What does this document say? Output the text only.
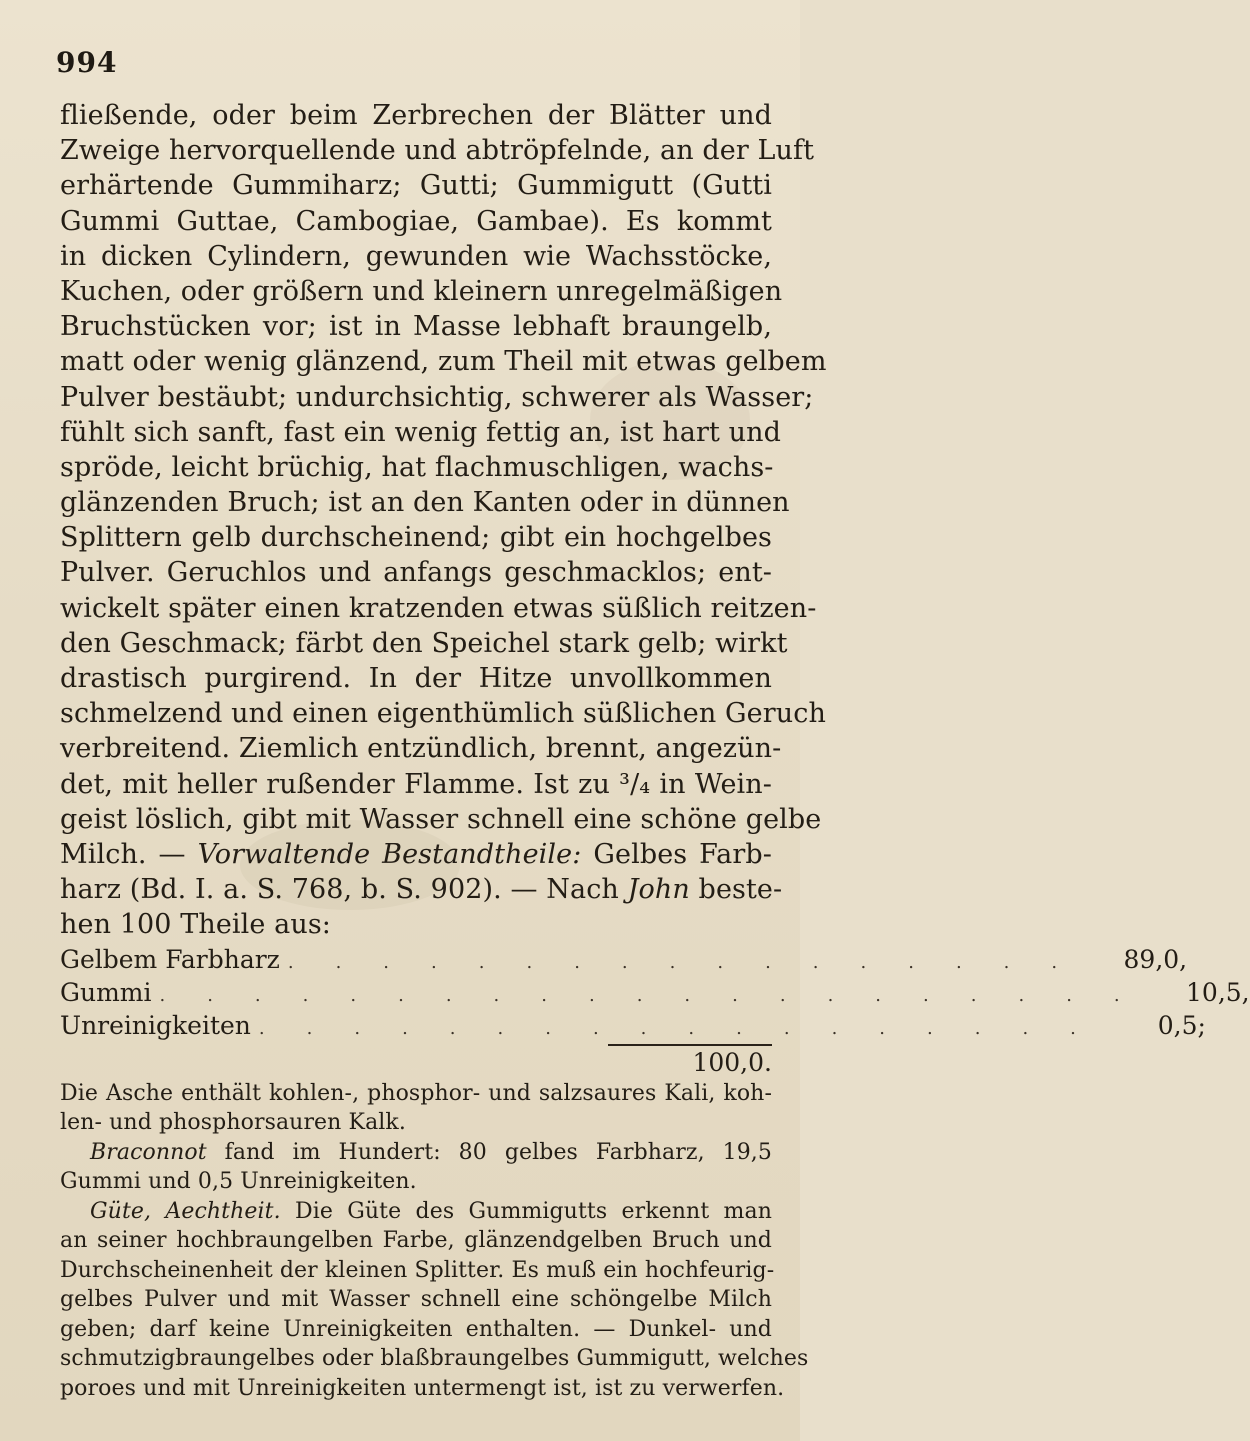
994
fließende, oder beim Zerbrechen der Blätter und
Zweige hervorquellende und abtröpfelnde, an der Luft
erhärtende Gummiharz; Gutti; Gummigutt (Gutti
Gummi Guttae, Cambogiae, Gambae). Es kommt
in dicken Cylindern, gewunden wie Wachsstöcke,
Kuchen, oder größern und kleinern unregelmäßigen
Bruchstücken vor; ist in Masse lebhaft braungelb,
matt oder wenig glänzend, zum Theil mit etwas gelbem
Pulver bestäubt; undurchsichtig, schwerer als Wasser;
fühlt sich sanft, fast ein wenig fettig an, ist hart und
spröde, leicht brüchig, hat flachmuschligen, wachs-
glänzenden Bruch; ist an den Kanten oder in dünnen
Splittern gelb durchscheinend; gibt ein hochgelbes
Pulver. Geruchlos und anfangs geschmacklos; ent-
wickelt später einen kratzenden etwas süßlich reitzen-
den Geschmack; färbt den Speichel stark gelb; wirkt
drastisch purgirend. In der Hitze unvollkommen
schmelzend und einen eigenthümlich süßlichen Geruch
verbreitend. Ziemlich entzündlich, brennt, angezün-
det, mit heller rußender Flamme. Ist zu ³/₄ in Wein-
geist löslich, gibt mit Wasser schnell eine schöne gelbe
Milch. — Vorwaltende Bestandtheile: Gelbes Farb-
harz (Bd. I. a. S. 768, b. S. 902). — Nach John beste-
hen 100 Theile aus:
Gelbem Farbharz ................. 89,0,
Gummi ..................... 10,5,
Unreinigkeiten ..................	0,5;
100,0.
Die Asche enthält kohlen-, phosphor- und salzsaures Kali, koh-
len- und phosphorsauren Kalk.
Braconnot fand im Hundert: 80 gelbes Farbharz, 19,5
Gummi und 0,5 Unreinigkeiten.
Güte, Aechtheit. Die Güte des Gummigutts erkennt man
an seiner hochbraungelben Farbe, glänzendgelben Bruch und
Durchscheinenheit der kleinen Splitter. Es muß ein hochfeurig-
gelbes Pulver und mit Wasser schnell eine schöngelbe Milch
geben; darf keine Unreinigkeiten enthalten. — Dunkel- und
schmutzigbraungelbes oder blaßbraungelbes Gummigutt, welches
poroes und mit Unreinigkeiten untermengt ist, ist zu verwerfen.
